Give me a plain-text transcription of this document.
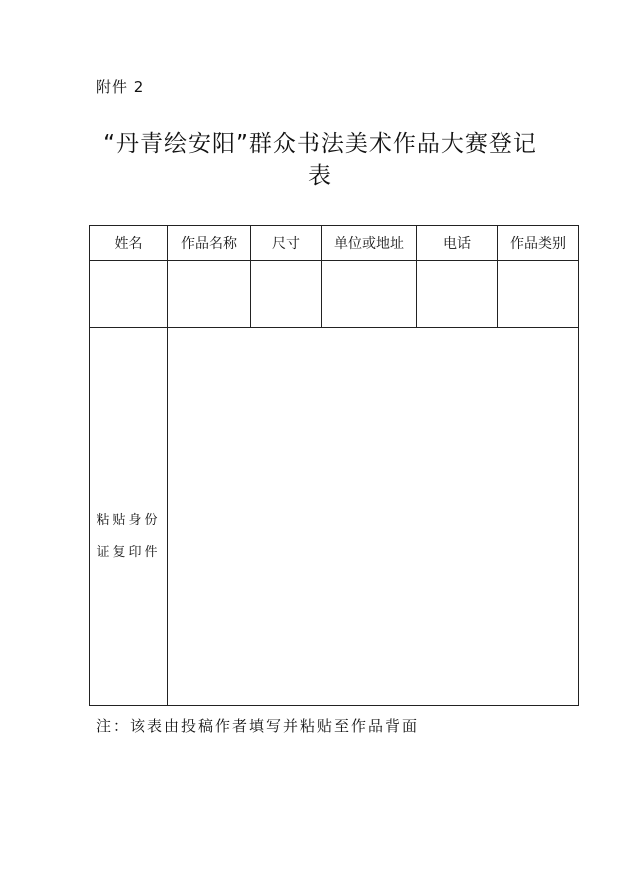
附件 2
“丹青绘安阳”群众书法美术作品大赛登记
表
姓名	作品名称	尺寸	单位或地址	电话	作品类别

粘贴身份
证复印件					

注：该表由投稿作者填写并粘贴至作品背面
